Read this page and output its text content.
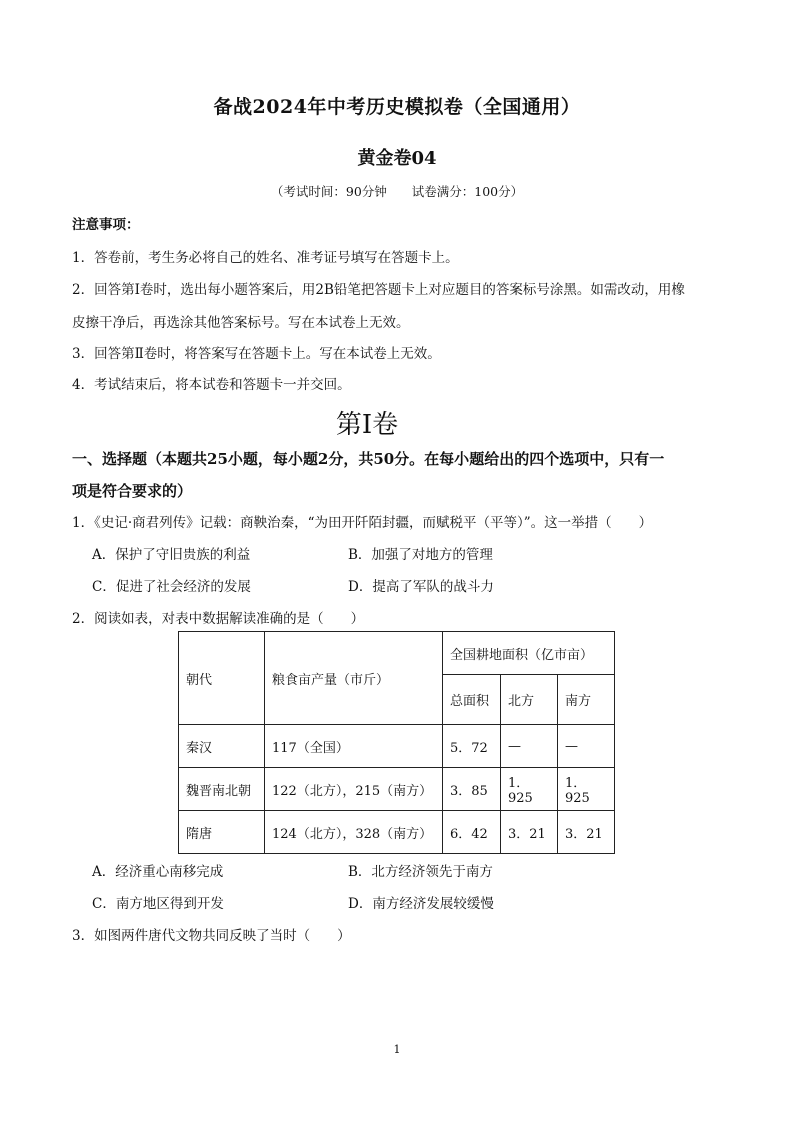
备战2024年中考历史模拟卷（全国通用）
黄金卷04
（考试时间：90分钟　　试卷满分：100分）
注意事项：
1．答卷前，考生务必将自己的姓名、准考证号填写在答题卡上。
2．回答第Ⅰ卷时，选出每小题答案后，用2B铅笔把答题卡上对应题目的答案标号涂黑。如需改动，用橡
皮擦干净后，再选涂其他答案标号。写在本试卷上无效。
3．回答第Ⅱ卷时，将答案写在答题卡上。写在本试卷上无效。
4．考试结束后，将本试卷和答题卡一并交回。
第Ⅰ卷
一、选择题（本题共25小题，每小题2分，共50分。在每小题给出的四个选项中，只有一
项是符合要求的）
1．《史记·商君列传》记载：商鞅治秦，“为田开阡陌封疆，而赋税平（平等）”。这一举措（　　）
A．保护了守旧贵族的利益	B．加强了对地方的管理
C．促进了社会经济的发展	D．提高了军队的战斗力
2．阅读如表，对表中数据解读准确的是（　　）
朝代	粮食亩产量（市斤）	全国耕地面积（亿市亩）		
		总面积	北方	南方
秦汉	117（全国）	5．72	—	—
魏晋南北朝	122（北方），215（南方）	3．85	1．925	1．925
隋唐	124（北方），328（南方）	6．42	3．21	3．21
A．经济重心南移完成	B．北方经济领先于南方
C．南方地区得到开发	D．南方经济发展较缓慢
3．如图两件唐代文物共同反映了当时（　　）
1
